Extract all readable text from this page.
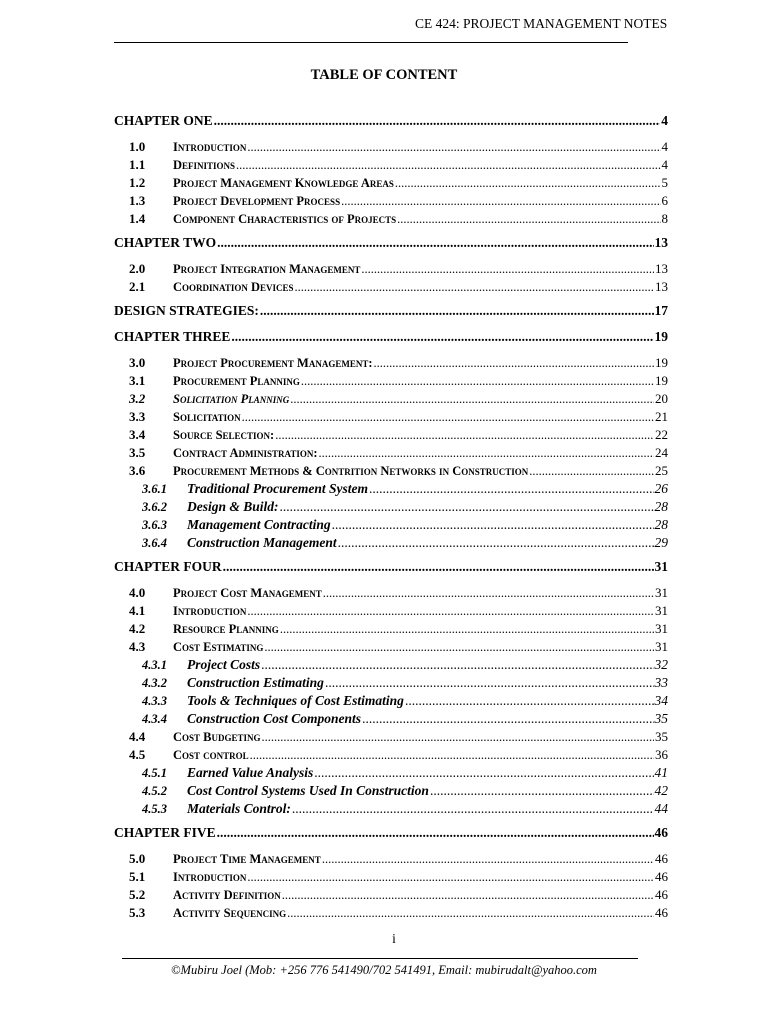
CE 424: PROJECT MANAGEMENT NOTES
TABLE OF CONTENT
CHAPTER ONE .....	4
1.0	Introduction .....	4
1.1	Definitions .....	4
1.2	Project Management Knowledge Areas .....	5
1.3	Project Development Process .....	6
1.4	Component Characteristics of Projects .....	8
CHAPTER TWO .....	13
2.0	Project Integration Management .....	13
2.1	Coordination Devices .....	13
DESIGN STRATEGIES: .....	17
CHAPTER THREE .....	19
3.0	Project Procurement Management: .....	19
3.1	Procurement Planning .....	19
3.2	Solicitation Planning .....	20
3.3	Solicitation .....	21
3.4	Source Selection: .....	22
3.5	Contract Administration: .....	24
3.6	Procurement Methods & Contrition Networks in Construction .....	25
3.6.1	Traditional Procurement System .....	26
3.6.2	Design & Build: .....	28
3.6.3	Management Contracting .....	28
3.6.4	Construction Management .....	29
CHAPTER FOUR .....	31
4.0	Project Cost Management .....	31
4.1	Introduction .....	31
4.2	Resource Planning .....	31
4.3	Cost Estimating .....	31
4.3.1	Project Costs .....	32
4.3.2	Construction Estimating .....	33
4.3.3	Tools & Techniques of Cost Estimating .....	34
4.3.4	Construction Cost Components .....	35
4.4	Cost Budgeting .....	35
4.5	Cost control .....	36
4.5.1	Earned Value Analysis .....	41
4.5.2	Cost Control Systems Used In Construction .....	42
4.5.3	Materials Control: .....	44
CHAPTER FIVE .....	46
5.0	Project Time Management .....	46
5.1	Introduction .....	46
5.2	Activity Definition .....	46
5.3	Activity Sequencing .....	46
i
©Mubiru Joel (Mob: +256 776 541490/702 541491, Email: mubirudalt@yahoo.com
